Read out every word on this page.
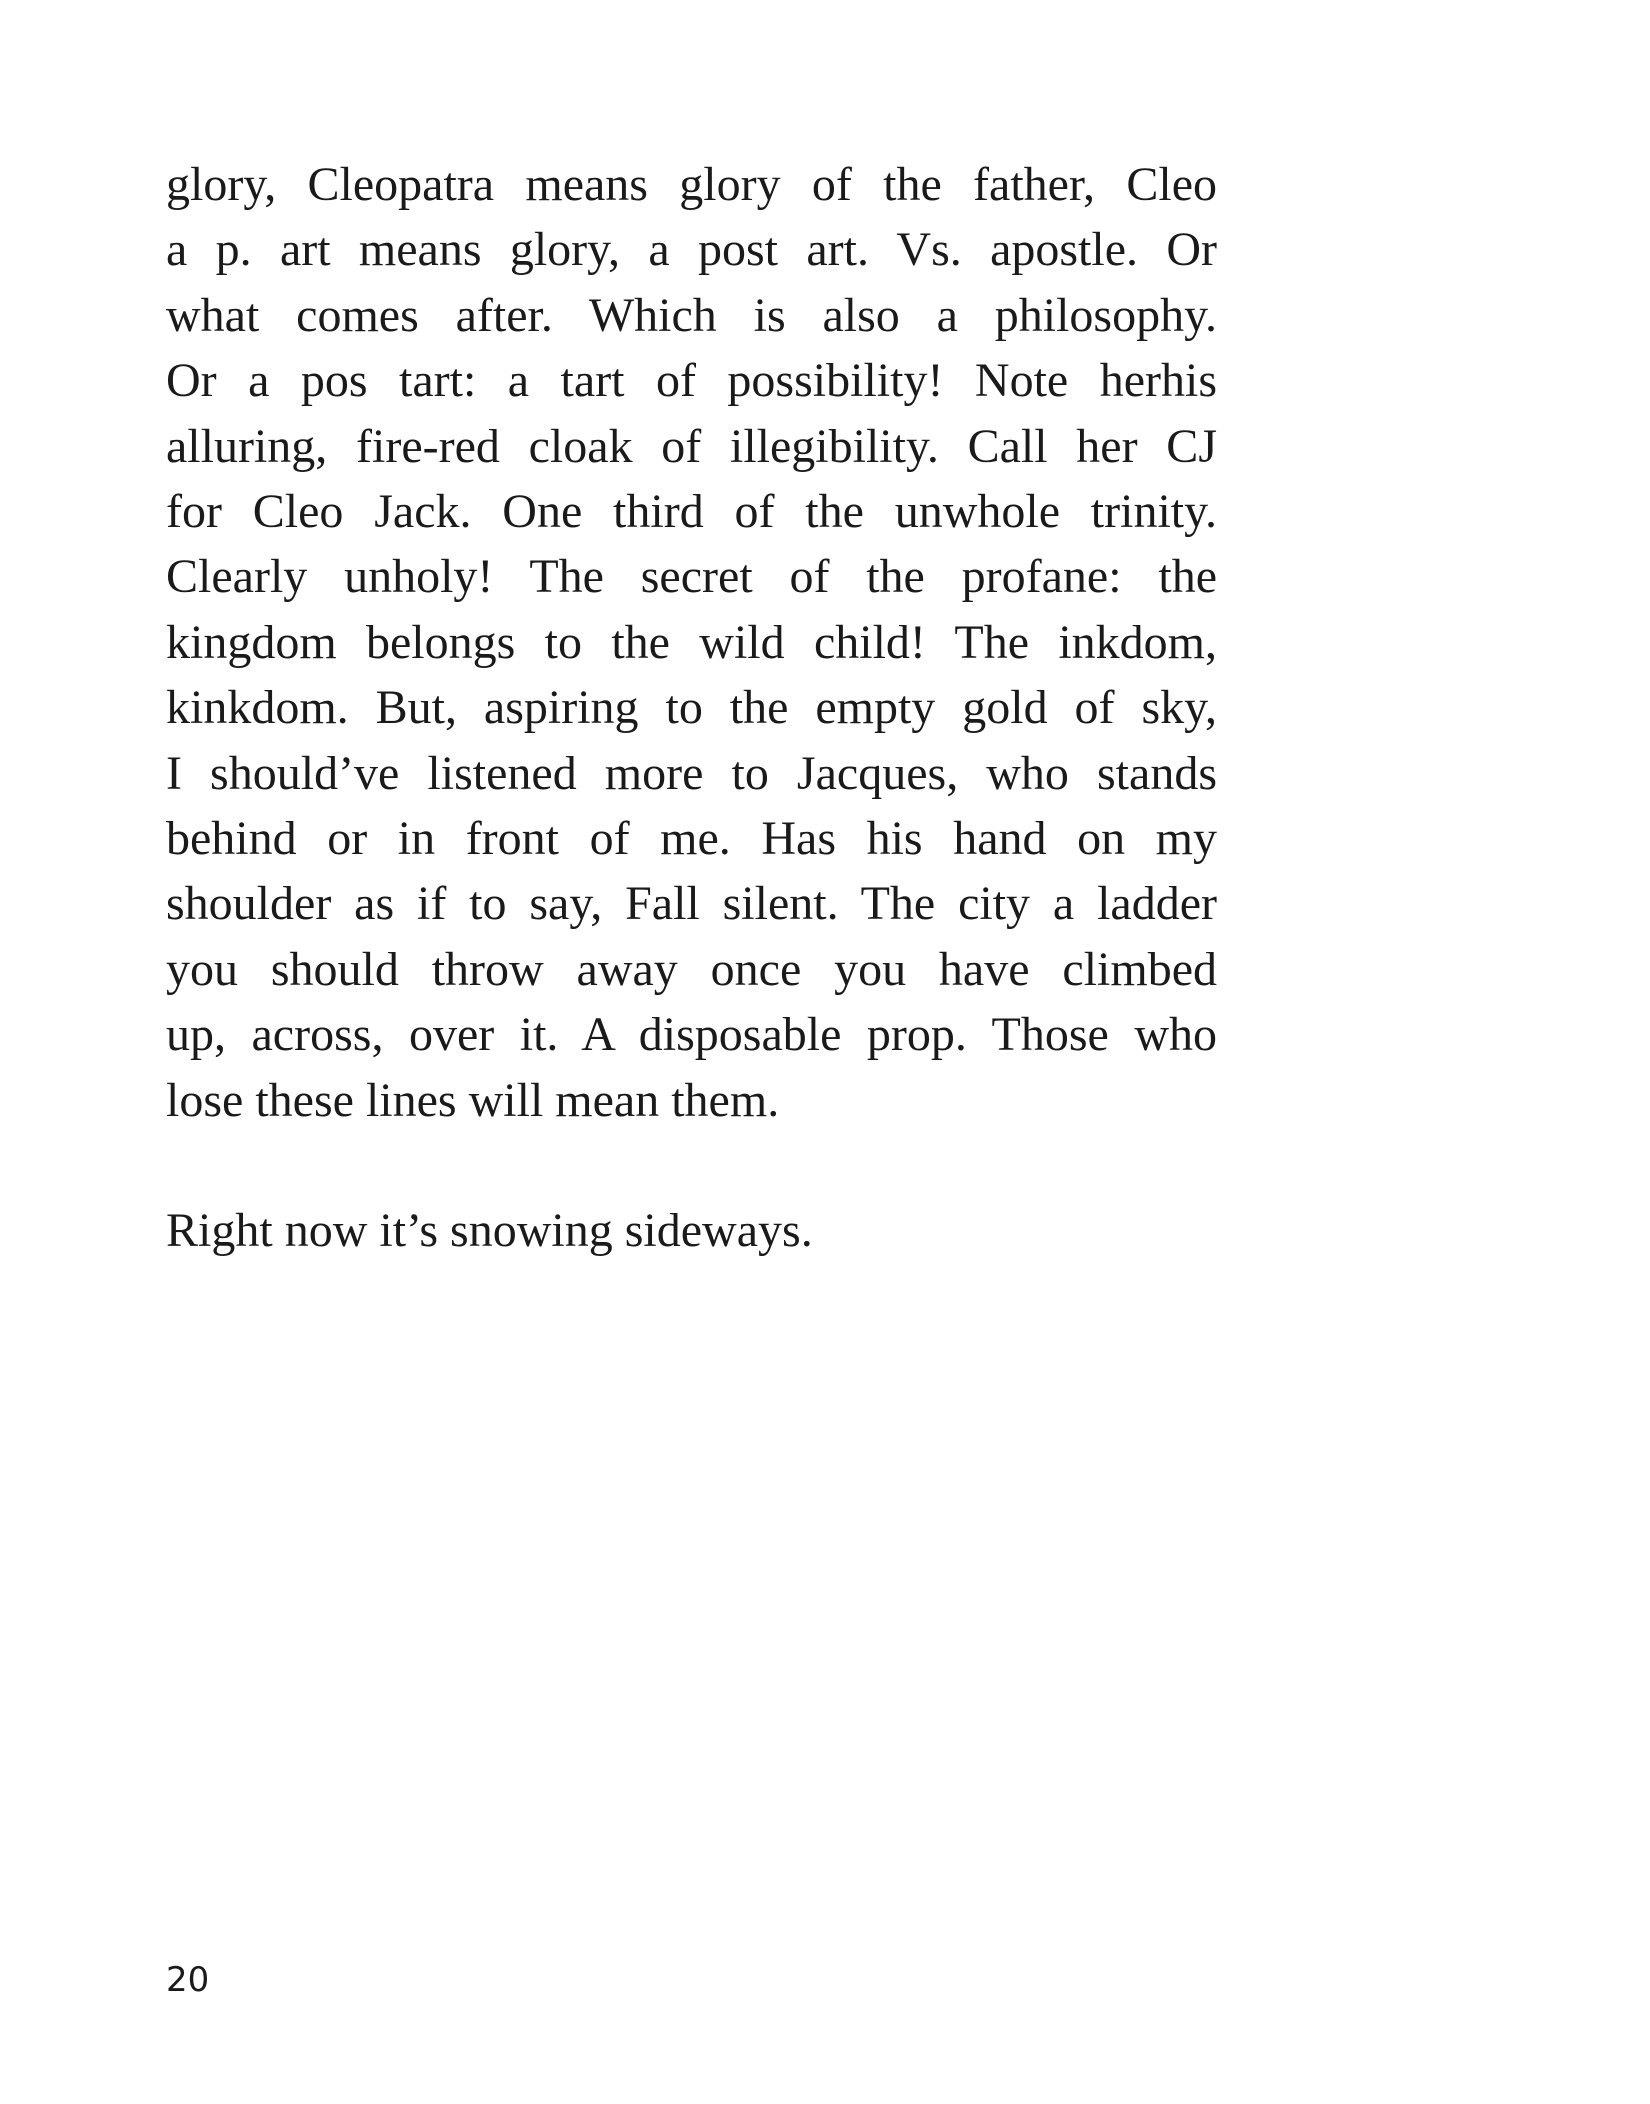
glory, Cleopatra means glory of the father, Cleo
a p. art means glory, a post art. Vs. apostle. Or
what comes after. Which is also a philosophy.
Or a pos tart: a tart of possibility! Note herhis
alluring, fire-red cloak of illegibility. Call her CJ
for Cleo Jack. One third of the unwhole trinity.
Clearly unholy! The secret of the profane: the
kingdom belongs to the wild child! The inkdom,
kinkdom. But, aspiring to the empty gold of sky,
I should’ve listened more to Jacques, who stands
behind or in front of me. Has his hand on my
shoulder as if to say, Fall silent. The city a ladder
you should throw away once you have climbed
up, across, over it. A disposable prop. Those who
lose these lines will mean them.
Right now it’s snowing sideways.
20
